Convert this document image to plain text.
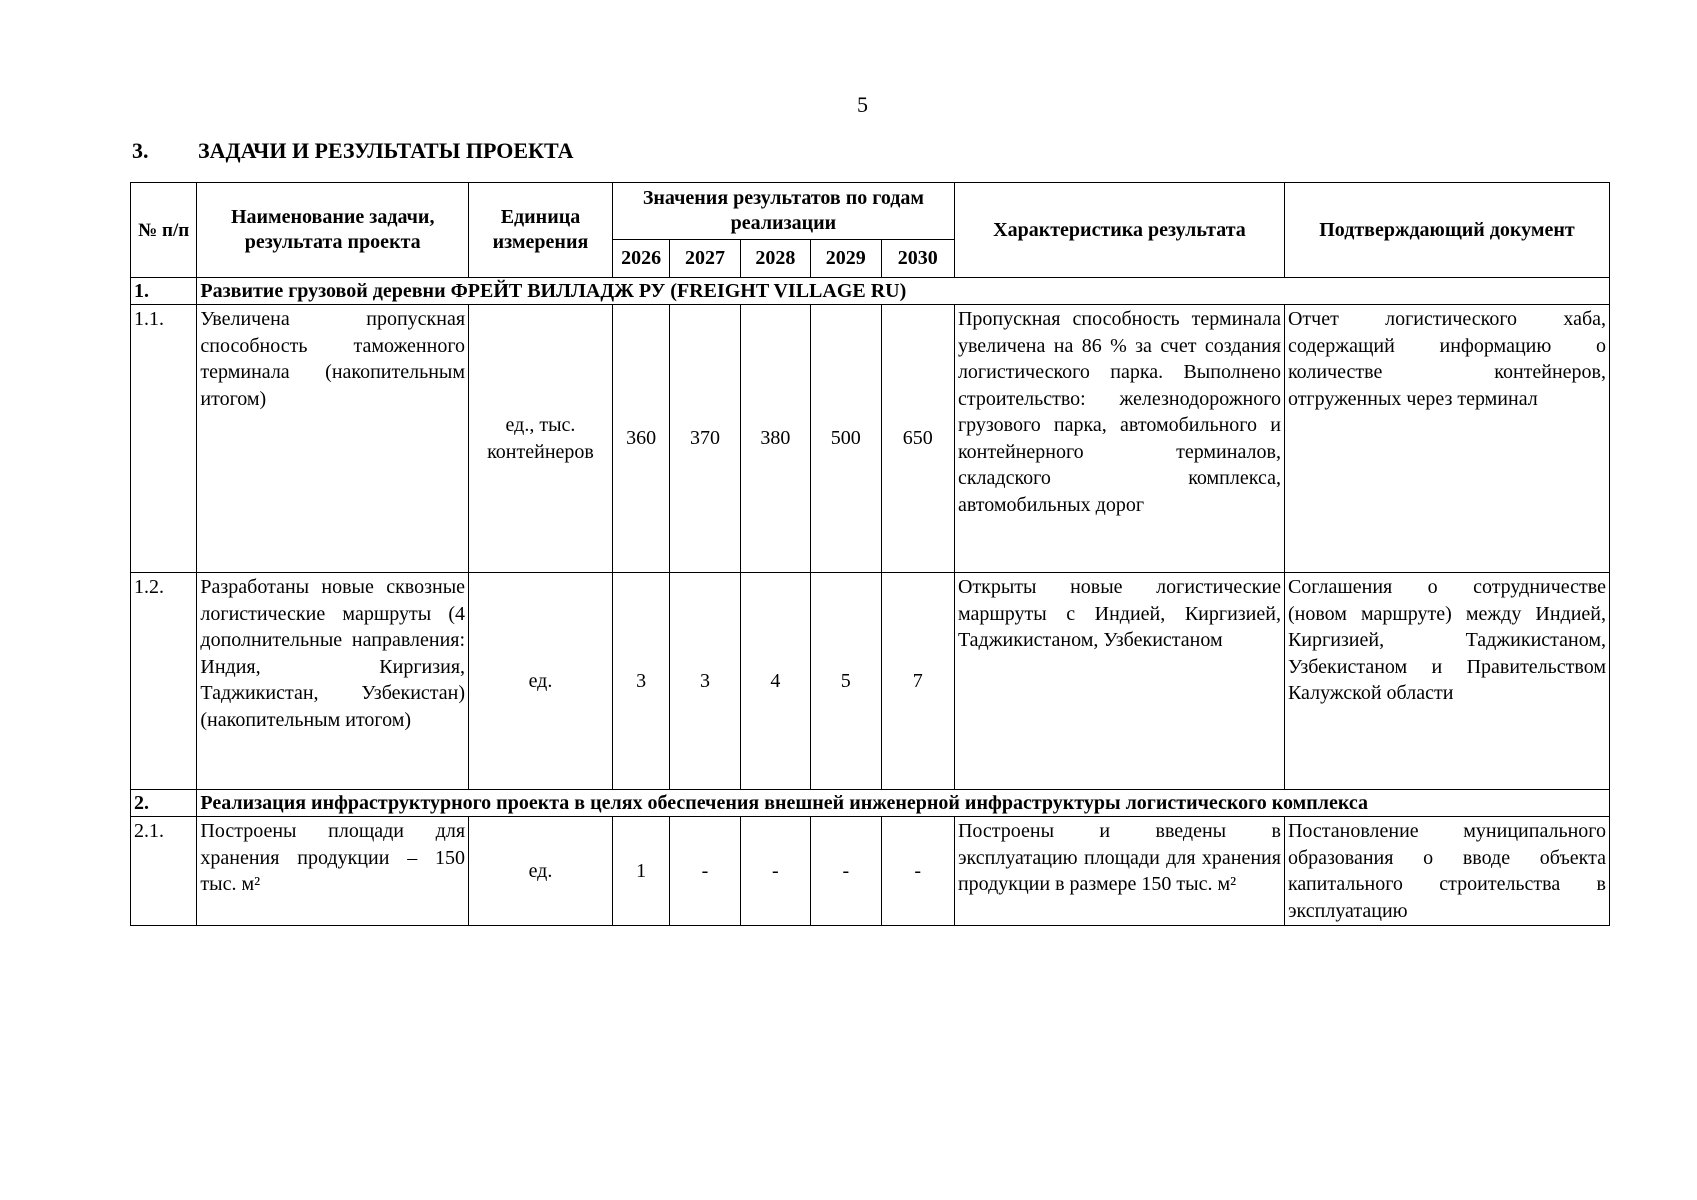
5
3. ЗАДАЧИ И РЕЗУЛЬТАТЫ ПРОЕКТА
№ п/п	Наименование задачи, результата проекта	Единица измерения	Значения результатов по годам реализации					Характеристика результата	Подтверждающий документ
			2026	2027	2028	2029	2030		
1.	Развитие грузовой деревни ФРЕЙТ ВИЛЛАДЖ РУ (FREIGHT VILLAGE RU)								
1.1.	Увеличена пропускная способность таможенного терминала (накопительным итогом)	ед., тыс. контейнеров	360	370	380	500	650	Пропускная способность терминала увеличена на 86 % за счет создания логистического парка. Выполнено строительство: железнодорожного грузового парка, автомобильного и контейнерного терминалов, складского комплекса, автомобильных дорог	Отчет логистического хаба, содержащий информацию о количестве контейнеров, отгруженных через терминал
1.2.	Разработаны новые сквозные логистические маршруты (4 дополнительные направления: Индия, Киргизия, Таджикистан, Узбекистан) (накопительным итогом)	ед.	3	3	4	5	7	Открыты новые логистические маршруты с Индией, Киргизией, Таджикистаном, Узбекистаном	Соглашения о сотрудничестве (новом маршруте) между Индией, Киргизией, Таджикистаном, Узбекистаном и Правительством Калужской области
2.	Реализация инфраструктурного проекта в целях обеспечения внешней инженерной инфраструктуры логистического комплекса								
2.1.	Построены площади для хранения продукции – 150 тыс. м²	ед.	1	-	-	-	-	Построены и введены в эксплуатацию площади для хранения продукции в размере 150 тыс. м²	Постановление муниципального образования о вводе объекта капитального строительства в эксплуатацию
